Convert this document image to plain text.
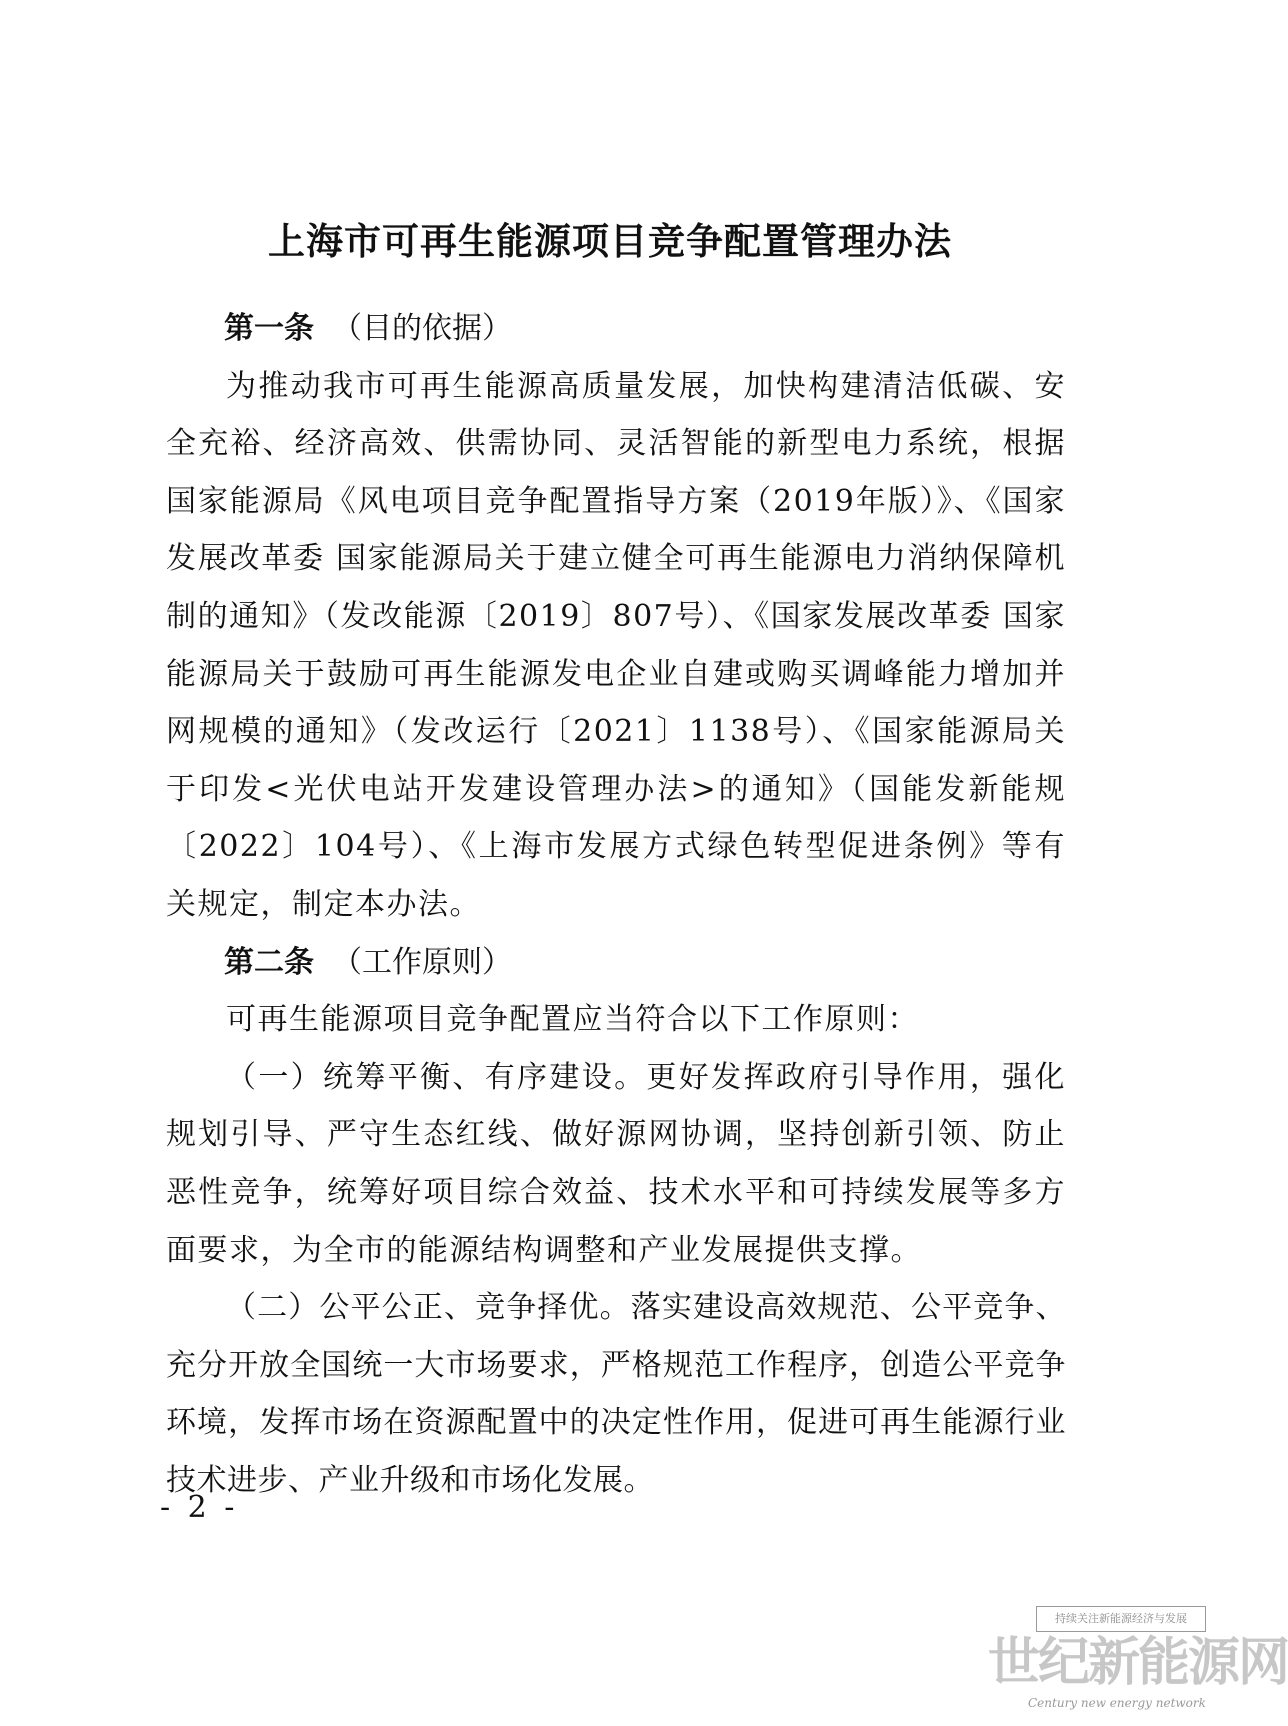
上海市可再生能源项目竞争配置管理办法
第一条 （目的依据）

为推动我市可再生能源高质量发展，加快构建清洁低碳、安全充裕、经济高效、供需协同、灵活智能的新型电力系统，根据国家能源局《风电项目竞争配置指导方案（2019年版）》、《国家发展改革委 国家能源局关于建立健全可再生能源电力消纳保障机制的通知》（发改能源〔2019〕807号）、《国家发展改革委 国家能源局关于鼓励可再生能源发电企业自建或购买调峰能力增加并网规模的通知》（发改运行〔2021〕1138号）、《国家能源局关于印发<光伏电站开发建设管理办法>的通知》（国能发新能规〔2022〕104号）、《上海市发展方式绿色转型促进条例》等有关规定，制定本办法。

第二条 （工作原则）

可再生能源项目竞争配置应当符合以下工作原则：

（一）统筹平衡、有序建设。更好发挥政府引导作用，强化规划引导、严守生态红线、做好源网协调，坚持创新引领、防止恶性竞争，统筹好项目综合效益、技术水平和可持续发展等多方面要求，为全市的能源结构调整和产业发展提供支撑。

（二）公平公正、竞争择优。落实建设高效规范、公平竞争、充分开放全国统一大市场要求，严格规范工作程序，创造公平竞争环境，发挥市场在资源配置中的决定性作用，促进可再生能源行业技术进步、产业升级和市场化发展。

- 2 -
持续关注新能源经济与发展
世纪新能源网
Century new energy network
